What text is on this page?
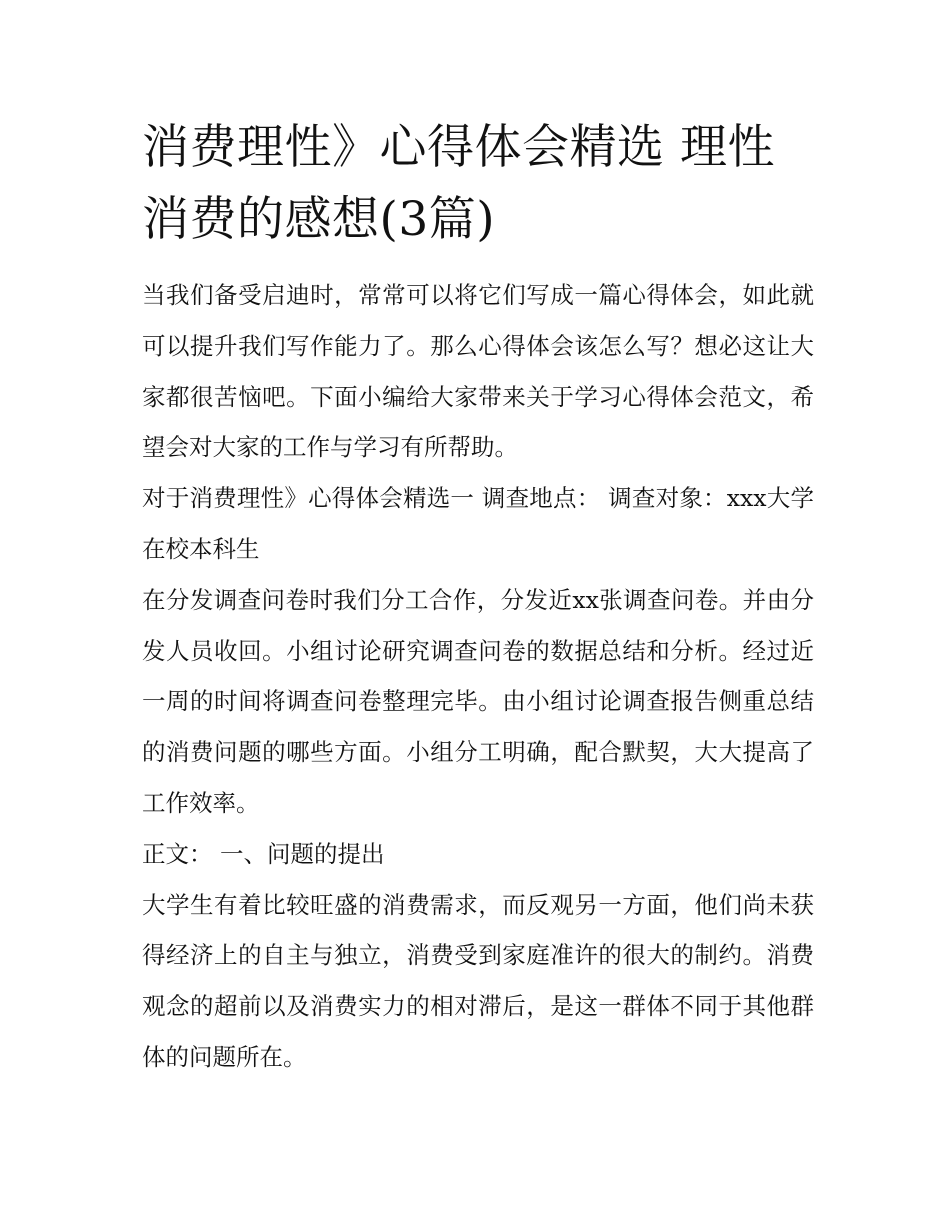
消费理性》心得体会精选 理性消费的感想(3篇)

当我们备受启迪时，常常可以将它们写成一篇心得体会，如此就可以提升我们写作能力了。那么心得体会该怎么写？想必这让大家都很苦恼吧。下面小编给大家带来关于学习心得体会范文，希望会对大家的工作与学习有所帮助。

对于消费理性》心得体会精选一 调查地点： 调查对象：xxx大学在校本科生

在分发调查问卷时我们分工合作，分发近xx张调查问卷。并由分发人员收回。小组讨论研究调查问卷的数据总结和分析。经过近一周的时间将调查问卷整理完毕。由小组讨论调查报告侧重总结的消费问题的哪些方面。小组分工明确，配合默契，大大提高了工作效率。

正文： 一、问题的提出

大学生有着比较旺盛的消费需求，而反观另一方面，他们尚未获得经济上的自主与独立，消费受到家庭准许的很大的制约。消费观念的超前以及消费实力的相对滞后，是这一群体不同于其他群体的问题所在。
